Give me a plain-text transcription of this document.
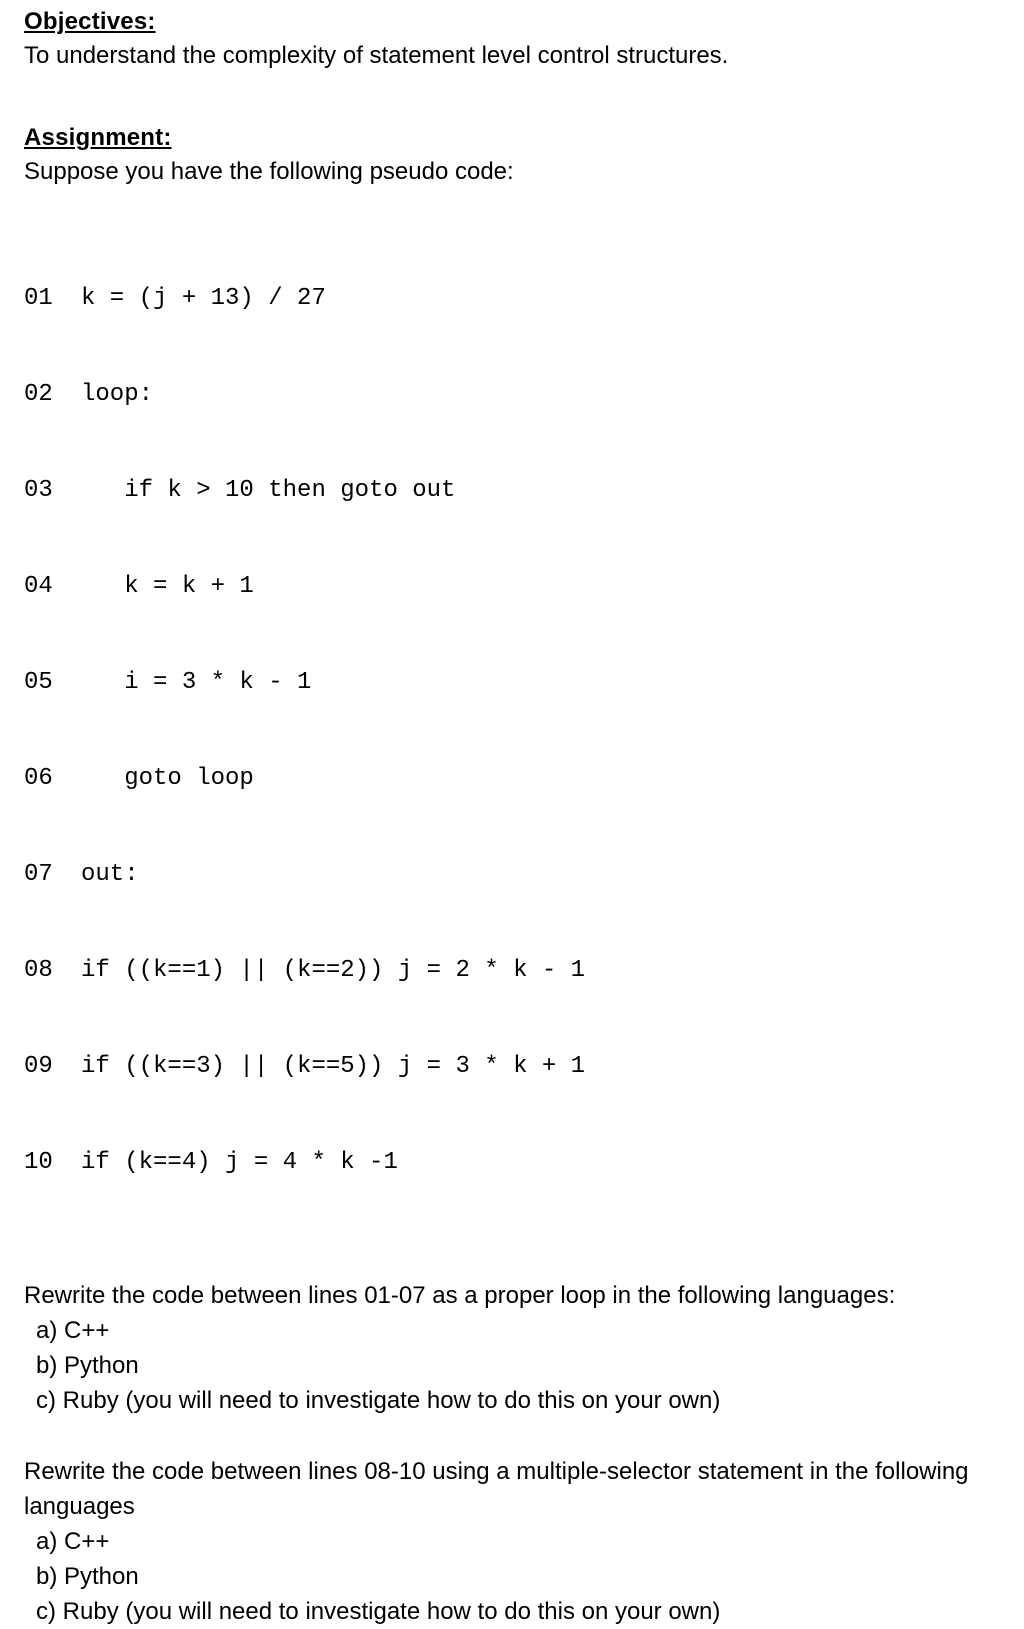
Objectives:

To understand the complexity of statement level control structures.

Assignment:

Suppose you have the following pseudo code:

01	k = (j + 13) / 27

02	loop:

03	if k > 10 then goto out

04	k = k + 1

05	i = 3 * k - 1

06	goto loop

07	out:

08	if ((k==1) || (k==2)) j = 2 * k - 1

09	if ((k==3) || (k==5)) j = 3 * k + 1

10	if (k==4) j = 4 * k -1

Rewrite the code between lines 01-07 as a proper loop in the following languages:

a) C++
b) Python
c) Ruby (you will need to investigate how to do this on your own)

Rewrite the code between lines 08-10 using a multiple-selector statement in the following languages

a) C++
b) Python
c) Ruby (you will need to investigate how to do this on your own)
